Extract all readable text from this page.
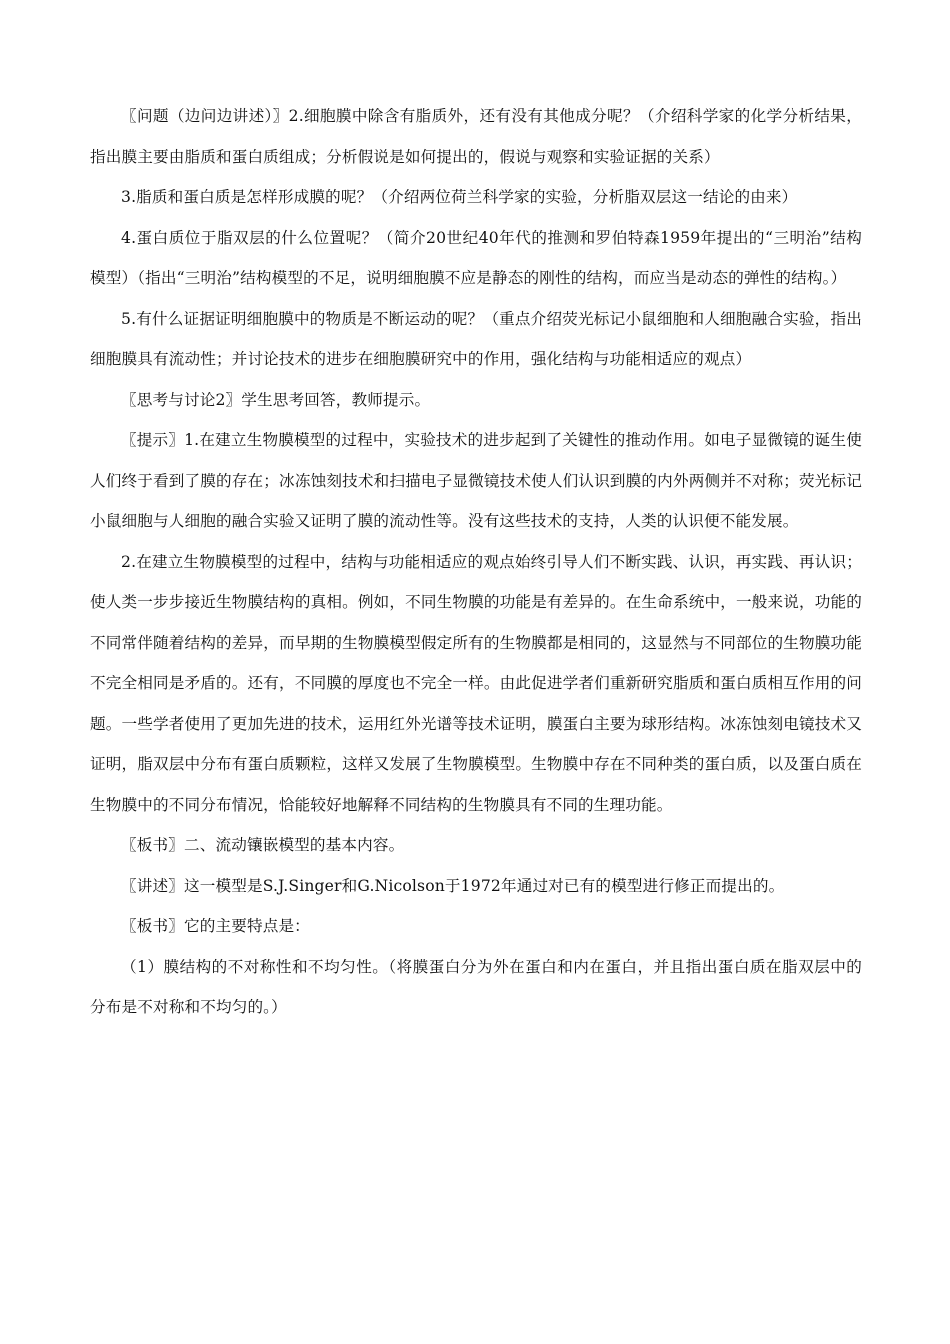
〖问题（边问边讲述）〗2.细胞膜中除含有脂质外，还有没有其他成分呢？（介绍科学家的化学分析结果，指出膜主要由脂质和蛋白质组成；分析假说是如何提出的，假说与观察和实验证据的关系）

3.脂质和蛋白质是怎样形成膜的呢？（介绍两位荷兰科学家的实验，分析脂双层这一结论的由来）

4.蛋白质位于脂双层的什么位置呢？（简介20世纪40年代的推测和罗伯特森1959年提出的“三明治”结构模型）（指出“三明治”结构模型的不足，说明细胞膜不应是静态的刚性的结构，而应当是动态的弹性的结构。）

5.有什么证据证明细胞膜中的物质是不断运动的呢？（重点介绍荧光标记小鼠细胞和人细胞融合实验，指出细胞膜具有流动性；并讨论技术的进步在细胞膜研究中的作用，强化结构与功能相适应的观点）

〖思考与讨论2〗学生思考回答，教师提示。

〖提示〗1.在建立生物膜模型的过程中，实验技术的进步起到了关键性的推动作用。如电子显微镜的诞生使人们终于看到了膜的存在；冰冻蚀刻技术和扫描电子显微镜技术使人们认识到膜的内外两侧并不对称；荧光标记小鼠细胞与人细胞的融合实验又证明了膜的流动性等。没有这些技术的支持，人类的认识便不能发展。

2.在建立生物膜模型的过程中，结构与功能相适应的观点始终引导人们不断实践、认识，再实践、再认识；使人类一步步接近生物膜结构的真相。例如，不同生物膜的功能是有差异的。在生命系统中，一般来说，功能的不同常伴随着结构的差异，而早期的生物膜模型假定所有的生物膜都是相同的，这显然与不同部位的生物膜功能不完全相同是矛盾的。还有，不同膜的厚度也不完全一样。由此促进学者们重新研究脂质和蛋白质相互作用的问题。一些学者使用了更加先进的技术，运用红外光谱等技术证明，膜蛋白主要为球形结构。冰冻蚀刻电镜技术又证明，脂双层中分布有蛋白质颗粒，这样又发展了生物膜模型。生物膜中存在不同种类的蛋白质，以及蛋白质在生物膜中的不同分布情况，恰能较好地解释不同结构的生物膜具有不同的生理功能。

〖板书〗二、流动镶嵌模型的基本内容。

〖讲述〗这一模型是S.J.Singer和G.Nicolson于1972年通过对已有的模型进行修正而提出的。

〖板书〗它的主要特点是：

（1）膜结构的不对称性和不均匀性。（将膜蛋白分为外在蛋白和内在蛋白，并且指出蛋白质在脂双层中的分布是不对称和不均匀的。）
